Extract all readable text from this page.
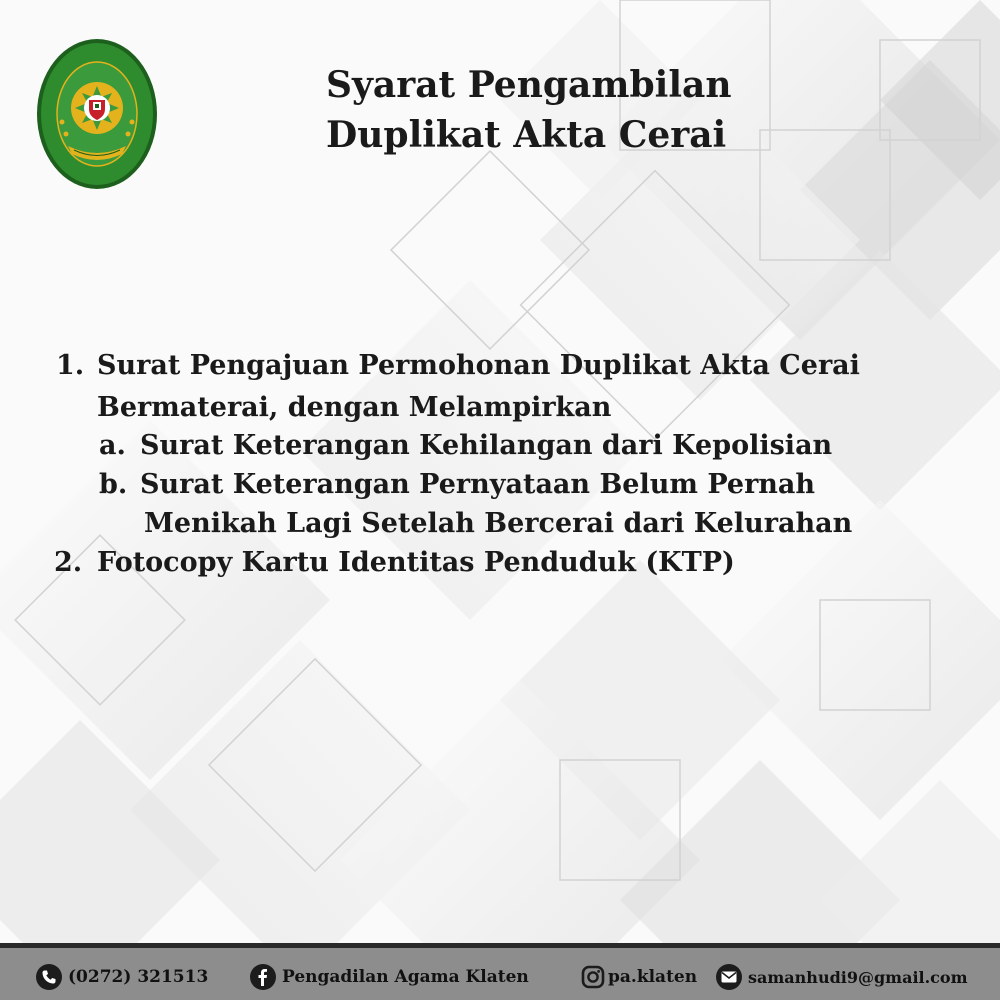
Syarat Pengambilan
Duplikat Akta Cerai
1. Surat Pengajuan Permohonan Duplikat Akta Cerai
Bermaterai, dengan Melampirkan
a. Surat Keterangan Kehilangan dari Kepolisian
b. Surat Keterangan Pernyataan Belum Pernah
Menikah Lagi Setelah Bercerai dari Kelurahan
2. Fotocopy Kartu Identitas Penduduk (KTP)
(0272) 321513	Pengadilan Agama Klaten	pa.klaten	samanhudi9@gmail.com
